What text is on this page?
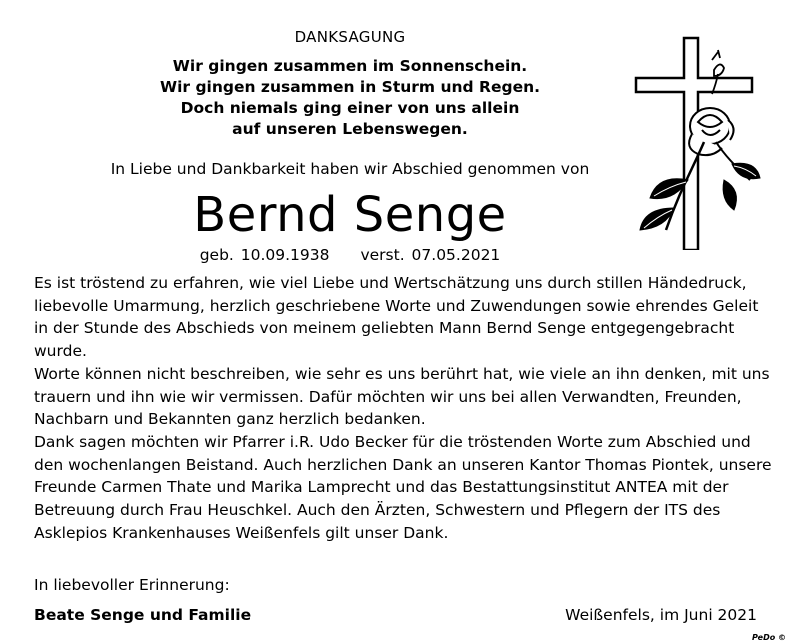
DANKSAGUNG
Wir gingen zusammen im Sonnenschein.
Wir gingen zusammen in Sturm und Regen.
Doch niemals ging einer von uns allein
auf unseren Lebenswegen.
In Liebe und Dankbarkeit haben wir Abschied genommen von
Bernd Senge
geb. 10.09.1938 verst. 07.05.2021

Es ist tröstend zu erfahren, wie viel Liebe und Wertschätzung uns durch stillen Händedruck, liebevolle Umarmung, herzlich geschriebene Worte und Zuwendungen sowie ehrendes Geleit in der Stunde des Abschieds von meinem geliebten Mann Bernd Senge entgegengebracht wurde.

Worte können nicht beschreiben, wie sehr es uns berührt hat, wie viele an ihn denken, mit uns trauern und ihn wie wir vermissen. Dafür möchten wir uns bei allen Verwandten, Freunden, Nachbarn und Bekannten ganz herzlich bedanken.

Dank sagen möchten wir Pfarrer i.R. Udo Becker für die tröstenden Worte zum Abschied und den wochenlangen Beistand. Auch herzlichen Dank an unseren Kantor Thomas Piontek, unsere Freunde Carmen Thate und Marika Lamprecht und das Bestattungsinstitut ANTEA mit der Betreuung durch Frau Heuschkel. Auch den Ärzten, Schwestern und Pflegern der ITS des Asklepios Krankenhauses Weißenfels gilt unser Dank.

In liebevoller Erinnerung:
Beate Senge und Familie	Weißenfels, im Juni 2021
PeDo ©
